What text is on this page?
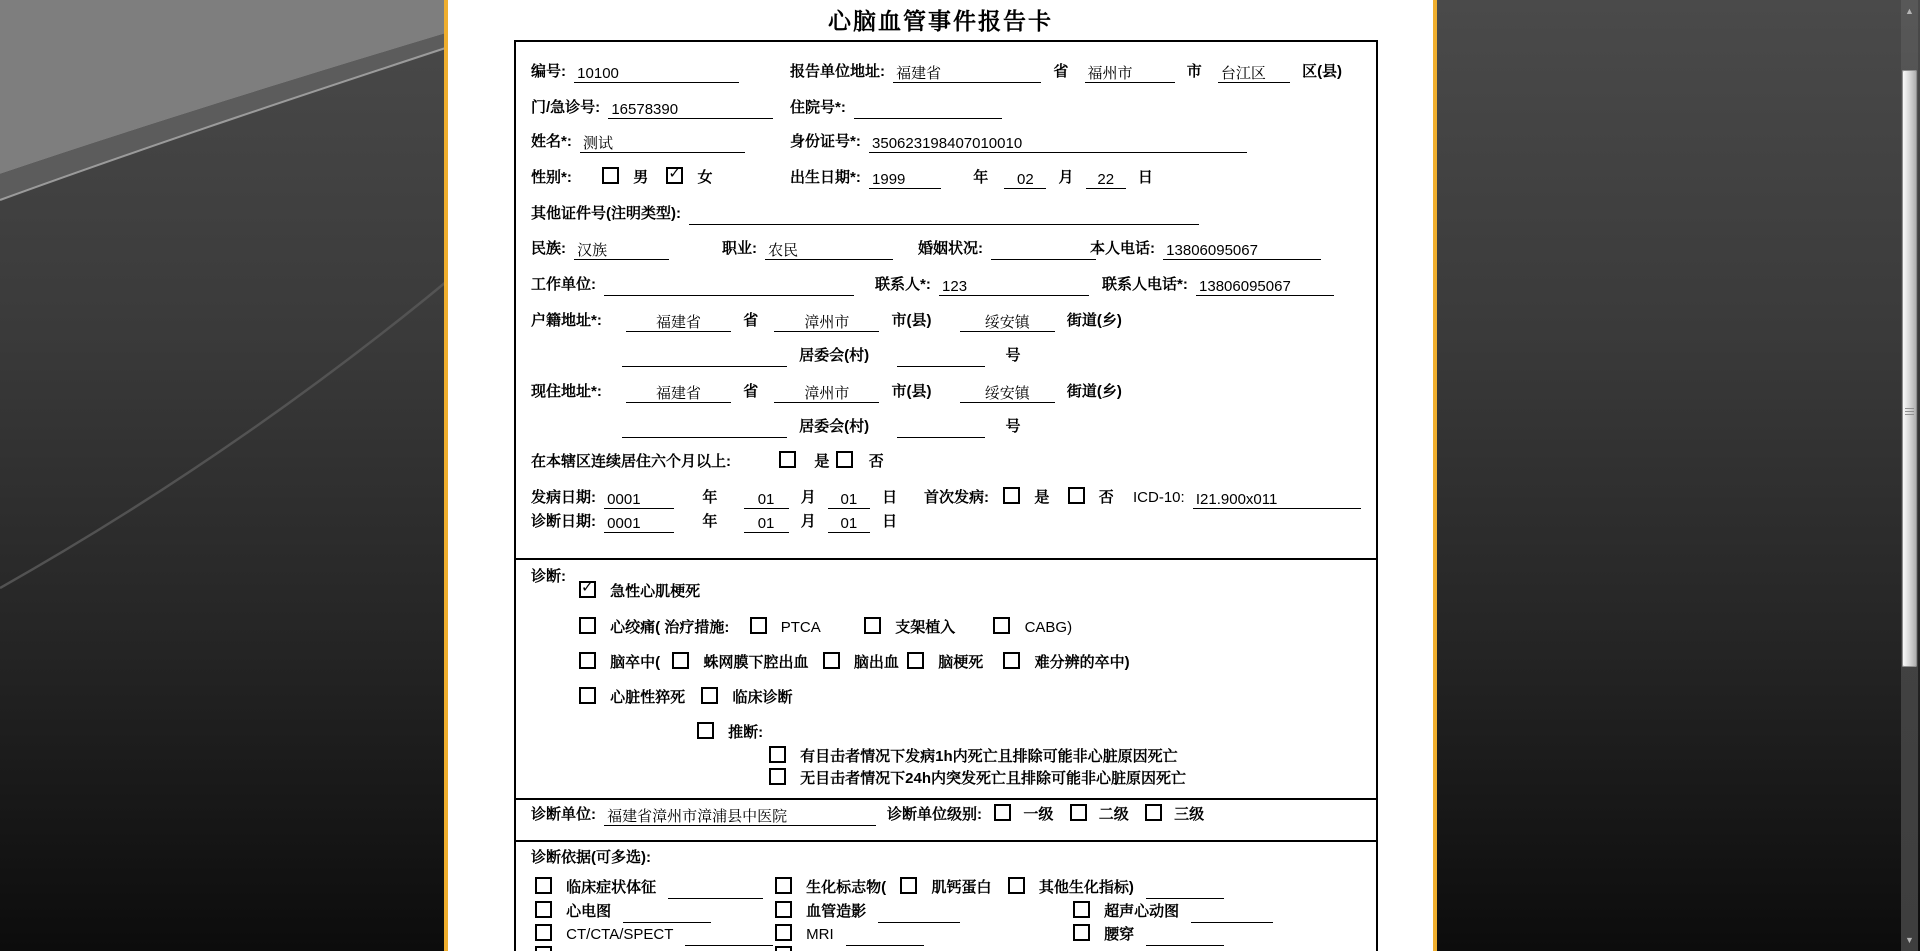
心脑血管事件报告卡
编号: 10100	报告单位地址: 福建省	省 福州市	市 台江区 区(县)
门/急诊号: 16578390	住院号*:
姓名*: 测试	身份证号*: 350623198407010010
性别*:	男 ✓	女	出生日期*: 1999	年 02 月 22 日
其他证件号(注明类型):
民族: 汉族	职业: 农民	婚姻状况:	本人电话: 13806095067
工作单位:	联系人*: 123	联系人电话*: 13806095067
户籍地址*:	福建省	省	漳州市	市(县)	绥安镇 街道(乡)
居委会(村)	号
现住地址*:	福建省	省	漳州市	市(县)	绥安镇 街道(乡)
居委会(村)	号
在本辖区连续居住六个月以上:	是	否
发病日期: 0001	年	01 月 01 日	首次发病:	是	否 ICD-10: I21.900x011
诊断日期: 0001	年	01 月 01 日
诊断:
✓ 急性心肌梗死
心绞痛( 治疗措施:	PTCA	支架植入	CABG)
脑卒中(	蛛网膜下腔出血	脑出血	脑梗死	难分辨的卒中)
心脏性猝死	临床诊断
推断:
有目击者情况下发病1h内死亡且排除可能非心脏原因死亡
无目击者情况下24h内突发死亡且排除可能非心脏原因死亡
诊断单位: 福建省漳州市漳浦县中医院	诊断单位级别:	一级	二级	三级
诊断依据(可多选):
临床症状体征	生化标志物(	肌钙蛋白	其他生化指标)
心电图	血管造影	超声心动图
CT/CTA/SPECT	MRI	腰穿
▲
▼
